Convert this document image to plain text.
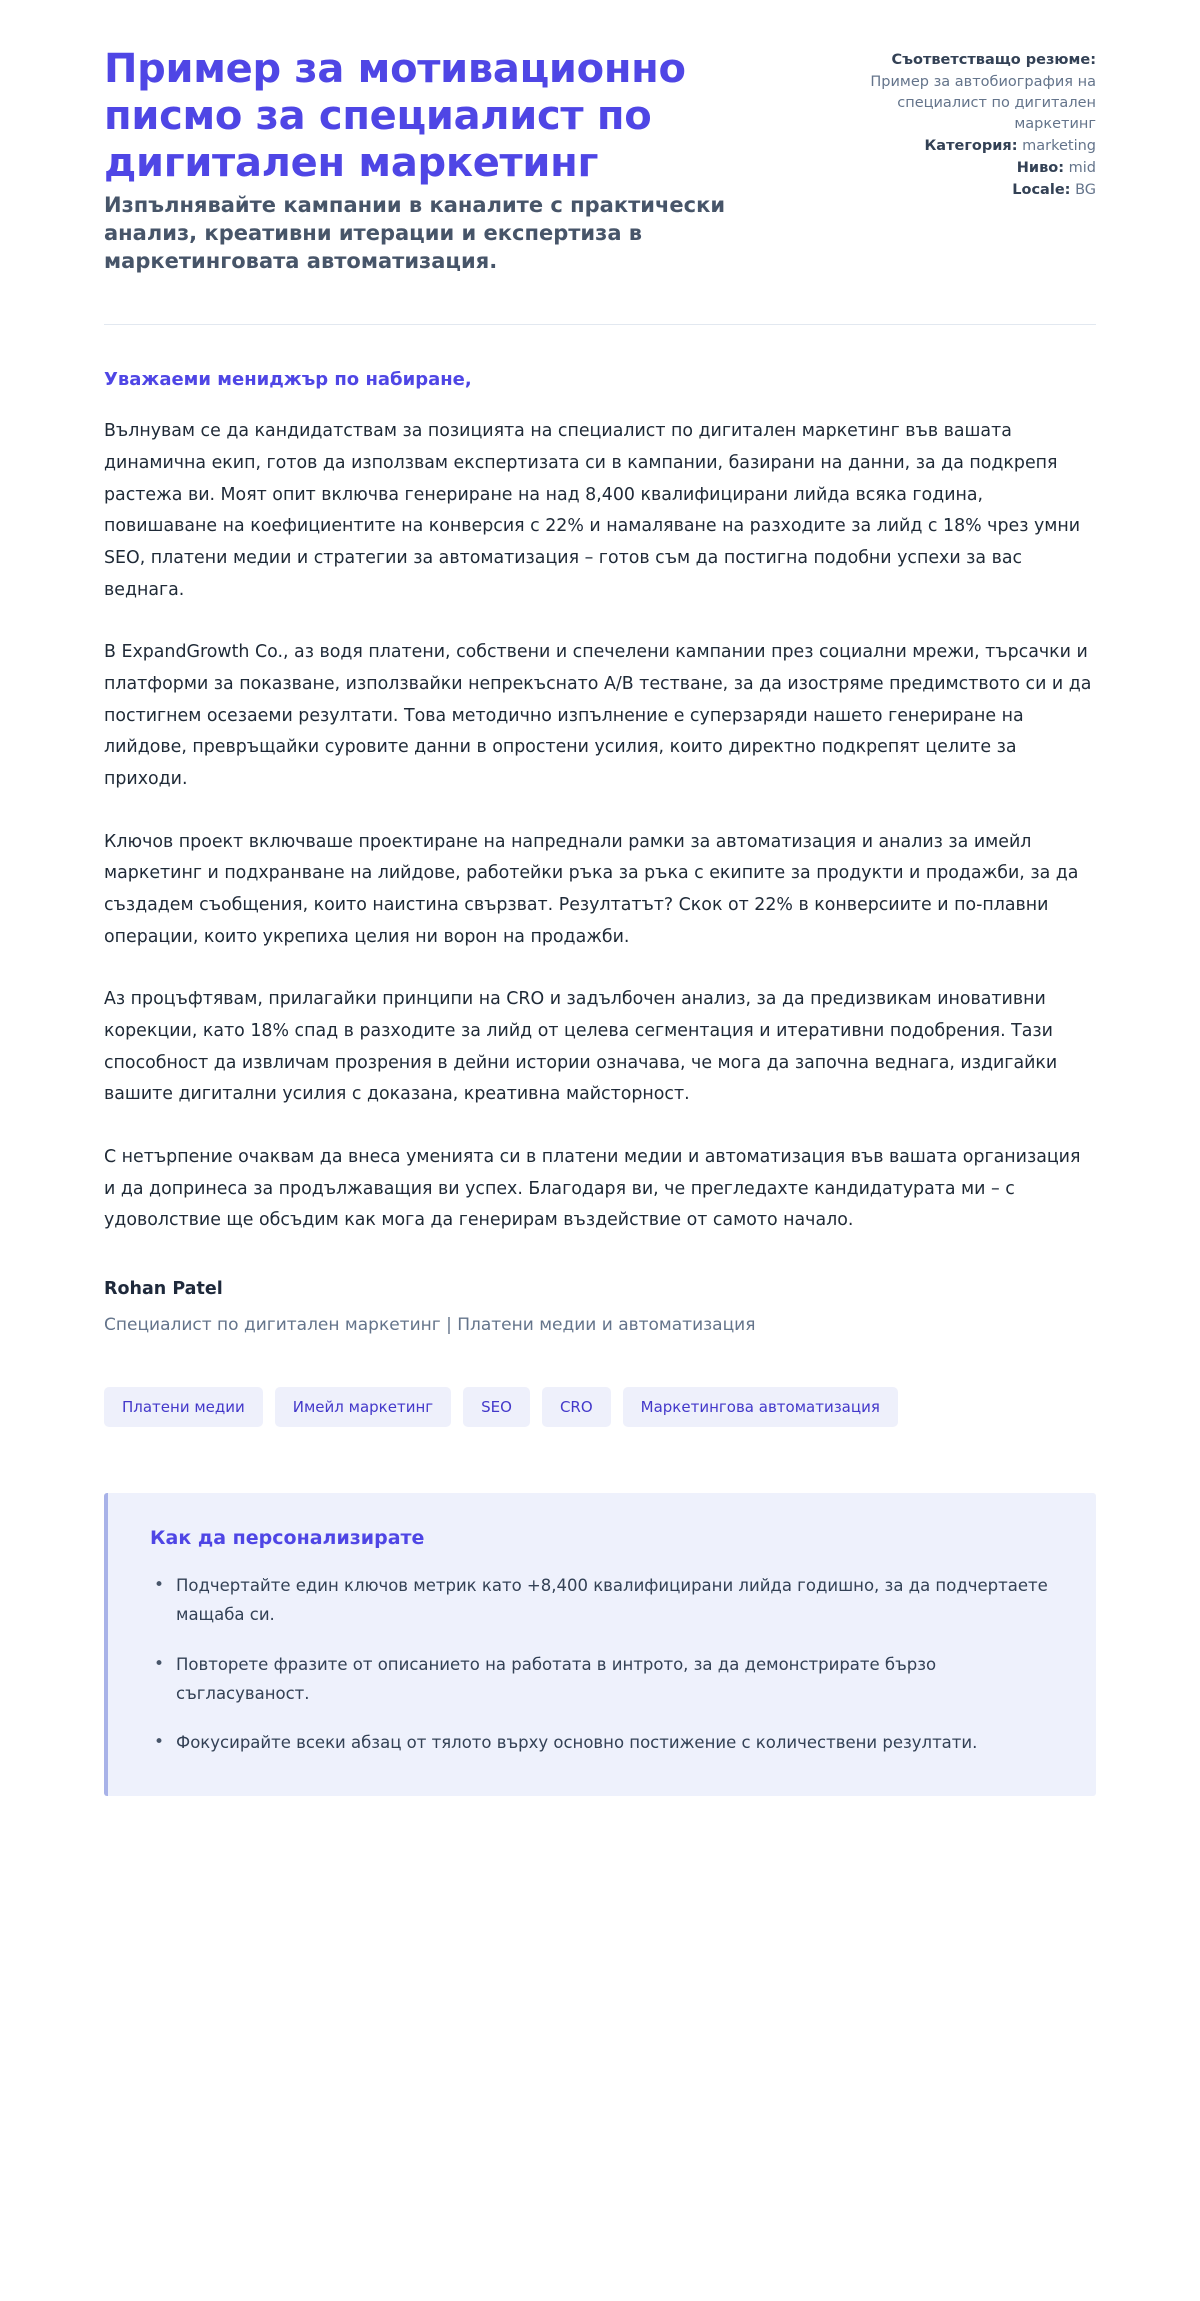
Пример за мотивационно писмо за специалист по дигитален маркетинг

Изпълнявайте кампании в каналите с практически анализ, креативни итерации и експертиза в маркетинговата автоматизация.

Съответстващо резюме:
Пример за автобиография на специалист по дигитален маркетинг
Категория: marketing
Ниво: mid
Locale: BG

Уважаеми мениджър по набиране,

Вълнувам се да кандидатствам за позицията на специалист по дигитален маркетинг във вашата динамична екип, готов да използвам експертизата си в кампании, базирани на данни, за да подкрепя растежа ви. Моят опит включва генериране на над 8,400 квалифицирани лийда всяка година, повишаване на коефициентите на конверсия с 22% и намаляване на разходите за лийд с 18% чрез умни SEO, платени медии и стратегии за автоматизация – готов съм да постигна подобни успехи за вас веднага.

В ExpandGrowth Co., аз водя платени, собствени и спечелени кампании през социални мрежи, търсачки и платформи за показване, използвайки непрекъснато A/B тестване, за да изостряме предимството си и да постигнем осезаеми резултати. Това методично изпълнение е суперзаряди нашето генериране на лийдове, превръщайки суровите данни в опростени усилия, които директно подкрепят целите за приходи.

Ключов проект включваше проектиране на напреднали рамки за автоматизация и анализ за имейл маркетинг и подхранване на лийдове, работейки ръка за ръка с екипите за продукти и продажби, за да създадем съобщения, които наистина свързват. Резултатът? Скок от 22% в конверсиите и по-плавни операции, които укрепиха целия ни ворон на продажби.

Аз процъфтявам, прилагайки принципи на CRO и задълбочен анализ, за да предизвикам иновативни корекции, като 18% спад в разходите за лийд от целева сегментация и итеративни подобрения. Тази способност да извличам прозрения в дейни истории означава, че мога да започна веднага, издигайки вашите дигитални усилия с доказана, креативна майсторност.

С нетърпение очаквам да внеса уменията си в платени медии и автоматизация във вашата организация и да допринеса за продължаващия ви успех. Благодаря ви, че прегледахте кандидатурата ми – с удоволствие ще обсъдим как мога да генерирам въздействие от самото начало.

Rohan Patel

Специалист по дигитален маркетинг | Платени медии и автоматизация

Платени медии	Имейл маркетинг	SEO	CRO	Маркетингова автоматизация
Как да персонализирате
• Подчертайте един ключов метрик като +8,400 квалифицирани лийда годишно, за да подчертаете мащаба си.
• Повторете фразите от описанието на работата в интрото, за да демонстрирате бързо съгласуваност.
• Фокусирайте всеки абзац от тялото върху основно постижение с количествени резултати.
